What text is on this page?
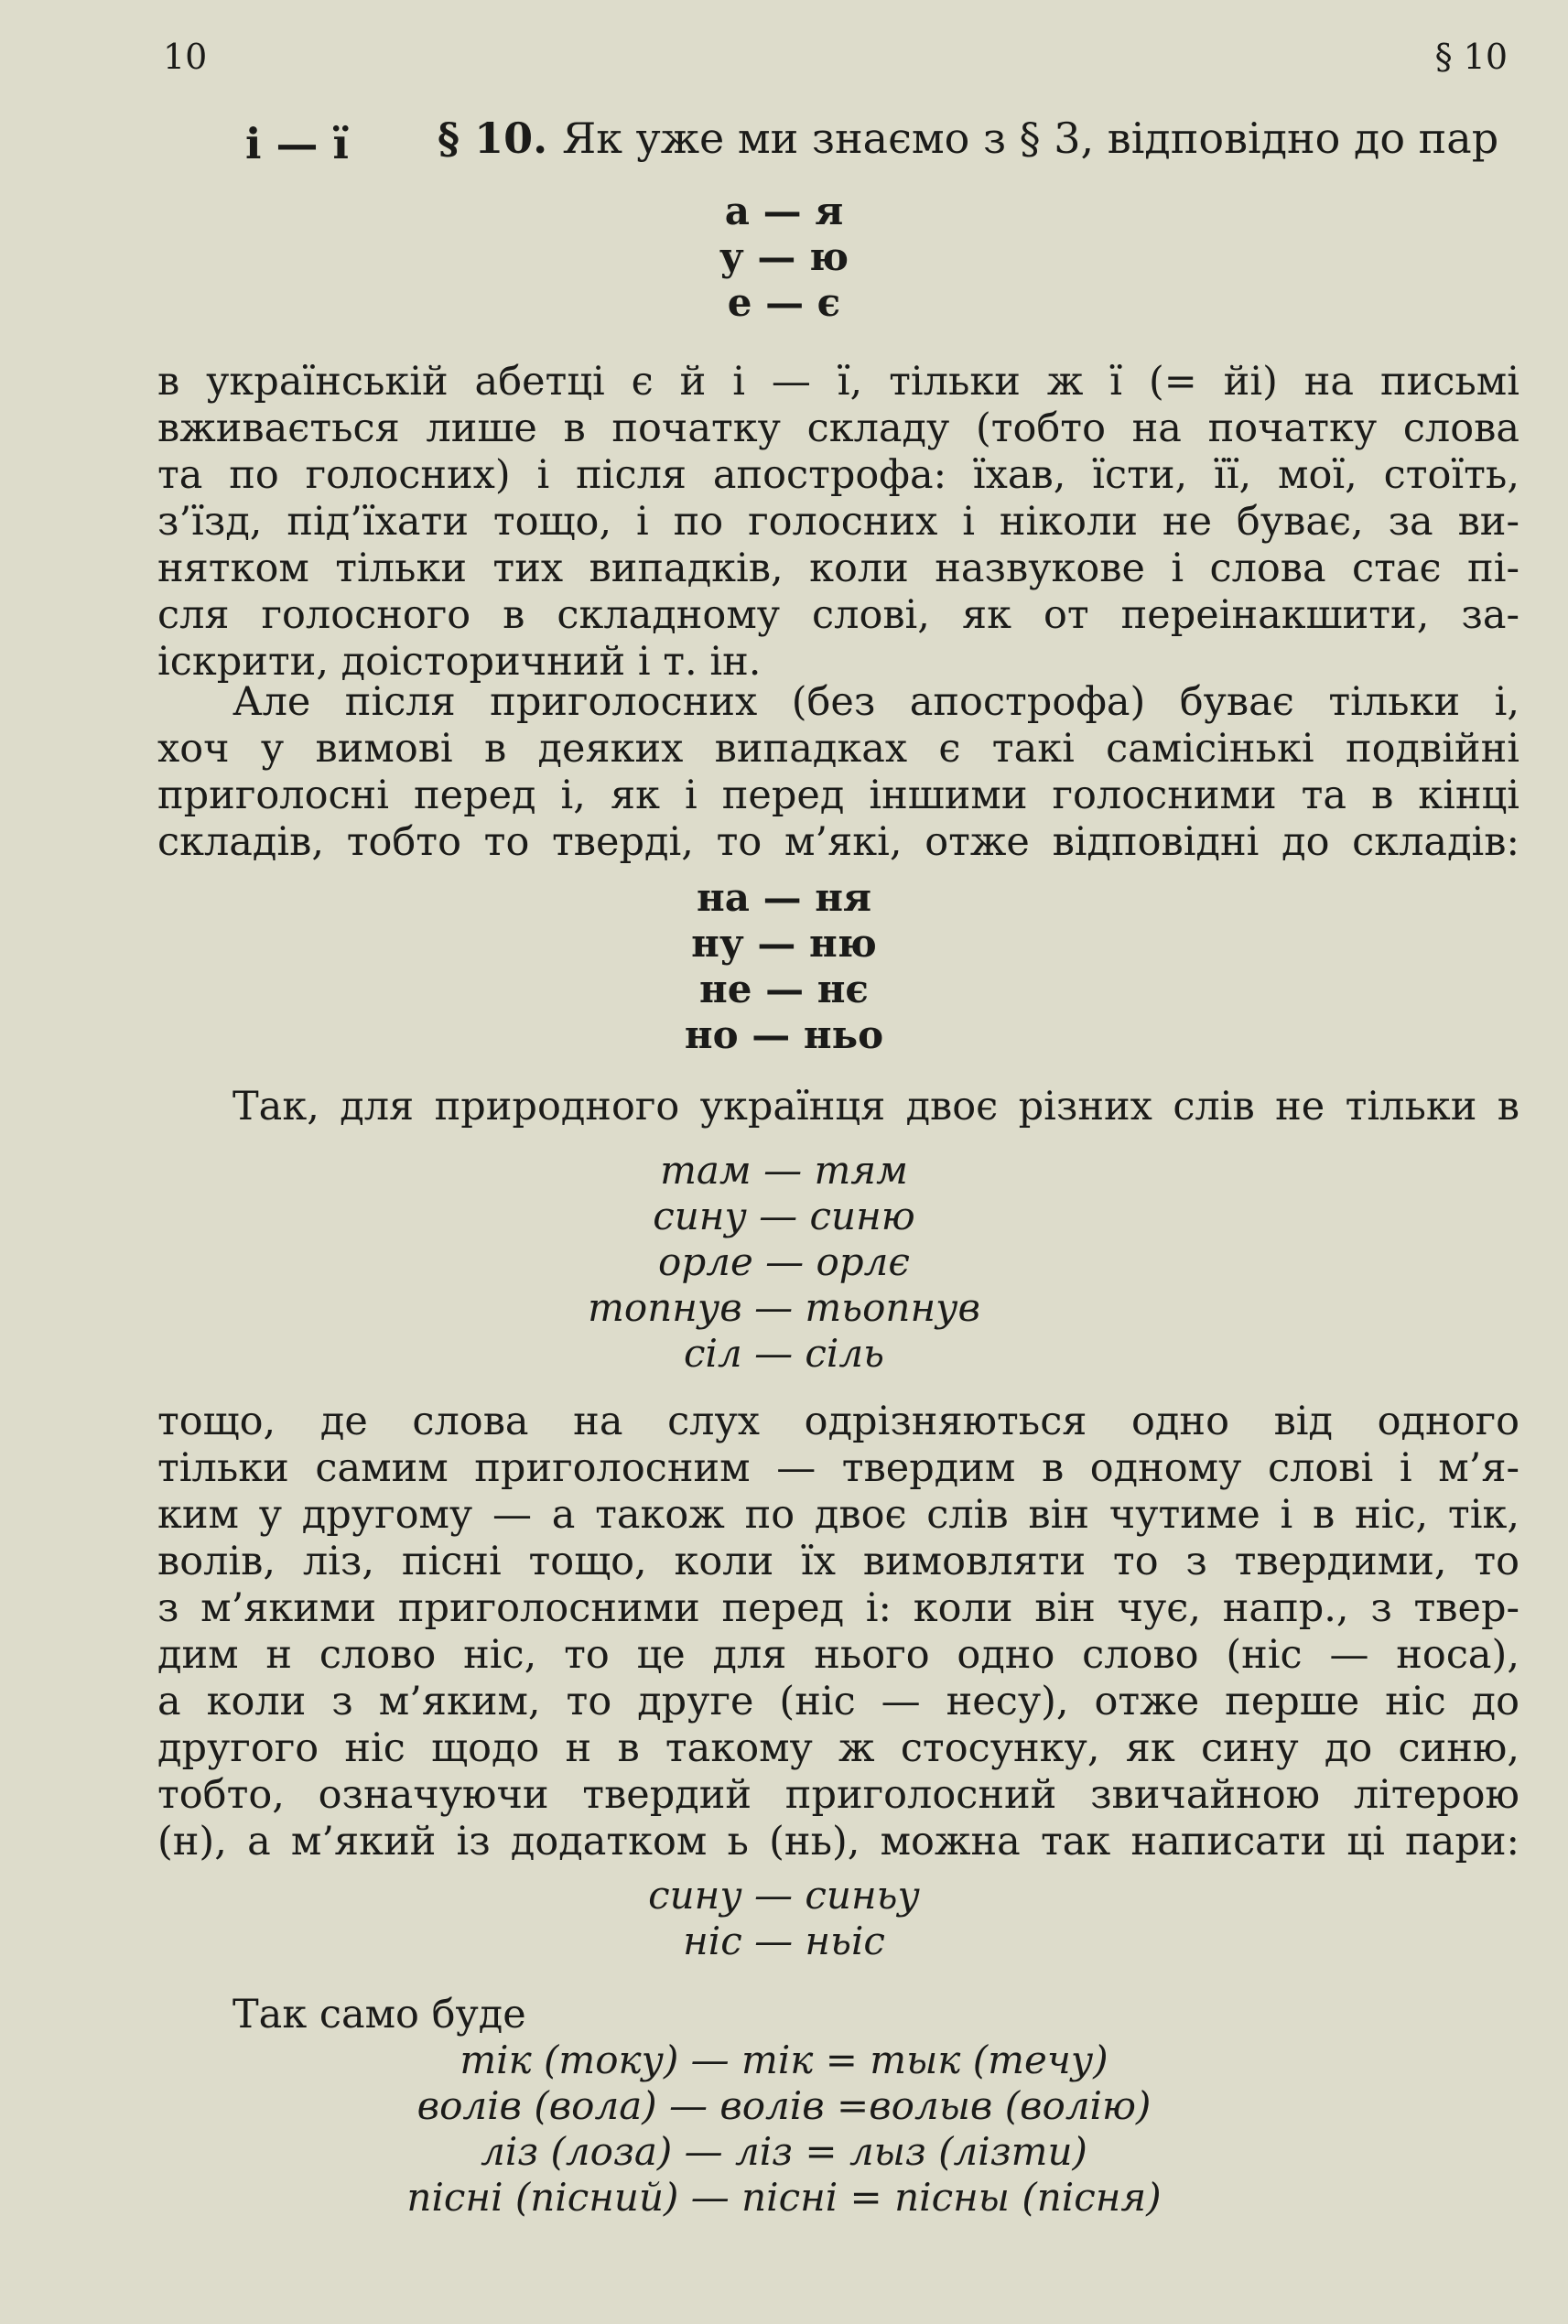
10	§ 10
і — ї § 10. Як уже ми знаємо з § 3, відповідно до пар
а — я
у — ю
е — є
в українській абетці є й і — ї, тільки ж ї (= йі) на письмі
вживається лише в початку складу (тобто на початку слова
та по голосних) і після апострофа: їхав, їсти, її, мої, стоїть,
з’їзд, під’їхати тощо, і по голосних і ніколи не буває, за ви-
нятком тільки тих випадків, коли назвукове і слова стає пі-
сля голосного в складному слові, як от переінакшити, за-
іскрити, доісторичний і т. ін.
Але після приголосних (без апострофа) буває тільки і,
хоч у вимові в деяких випадках є такі самісінькі подвійні
приголосні перед і, як і перед іншими голосними та в кінці
складів, тобто то тверді, то м’які, отже відповідні до складів:
на — ня
ну — ню
не — нє
но — ньо
Так, для природного українця двоє різних слів не тільки в
там — тям
сину — синю
орле — орлє
топнув — тьопнув
сіл — сіль
тощо, де слова на слух одрізняються одно від одного
тільки самим приголосним — твердим в одному слові і м’я-
ким у другому — а також по двоє слів він чутиме і в ніс, тік,
волів, ліз, пісні тощо, коли їх вимовляти то з твердими, то
з м’якими приголосними перед і: коли він чує, напр., з твер-
дим н слово ніс, то це для нього одно слово (ніс — носа),
а коли з м’яким, то друге (ніс — несу), отже перше ніс до
другого ніс щодо н в такому ж стосунку, як сину до синю,
тобто, означуючи твердий приголосний звичайною літерою
(н), а м’який із додатком ь (нь), можна так написати ці пари:
сину — синьу
ніс — ньіс
Так само буде
тік (току) — тік = тык (течу)
волів (вола) — волів =волыв (волію)
ліз (лоза) — ліз = лыз (лізти)
пісні (пісний) — пісні = пісны (пісня)
